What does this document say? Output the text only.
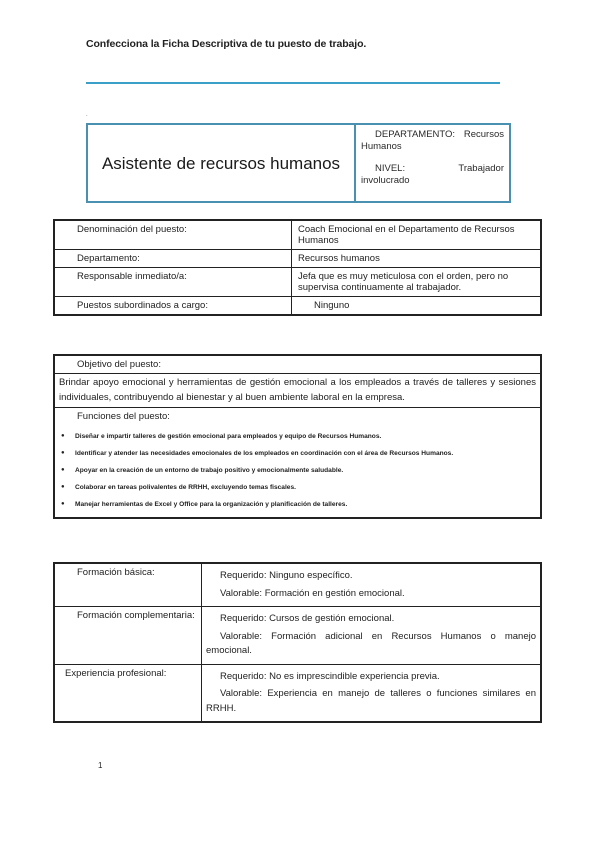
Confecciona la Ficha Descriptiva de tu puesto de trabajo.
.
Asistente de recursos humanos
DEPARTAMENTO: Recursos
Humanos
NIVEL: Trabajador
involucrado
Denominación del puesto:	Coach Emocional en el Departamento de Recursos Humanos
Departamento:	Recursos humanos
Responsable inmediato/a:	Jefa que es muy meticulosa con el orden, pero no supervisa continuamente al trabajador.
Puestos subordinados a cargo:	Ninguno
Objetivo del puesto:
Brindar apoyo emocional y herramientas de gestión emocional a los empleados a través de talleres y sesiones individuales, contribuyendo al bienestar y al buen ambiente laboral en la empresa.
Funciones del puesto:
● Diseñar e impartir talleres de gestión emocional para empleados y equipo de Recursos Humanos.
● Identificar y atender las necesidades emocionales de los empleados en coordinación con el área de Recursos Humanos.
● Apoyar en la creación de un entorno de trabajo positivo y emocionalmente saludable.
● Colaborar en tareas polivalentes de RRHH, excluyendo temas fiscales.
● Manejar herramientas de Excel y Office para la organización y planificación de talleres.
Formación básica:	Requerido: Ninguno específico.
Valorable: Formación en gestión emocional.

Formación complementaria:	Requerido: Cursos de gestión emocional.
Valorable: Formación adicional en Recursos Humanos o manejo emocional.

Experiencia profesional:	Requerido: No es imprescindible experiencia previa.
Valorable: Experiencia en manejo de talleres o funciones similares en RRHH.
1
